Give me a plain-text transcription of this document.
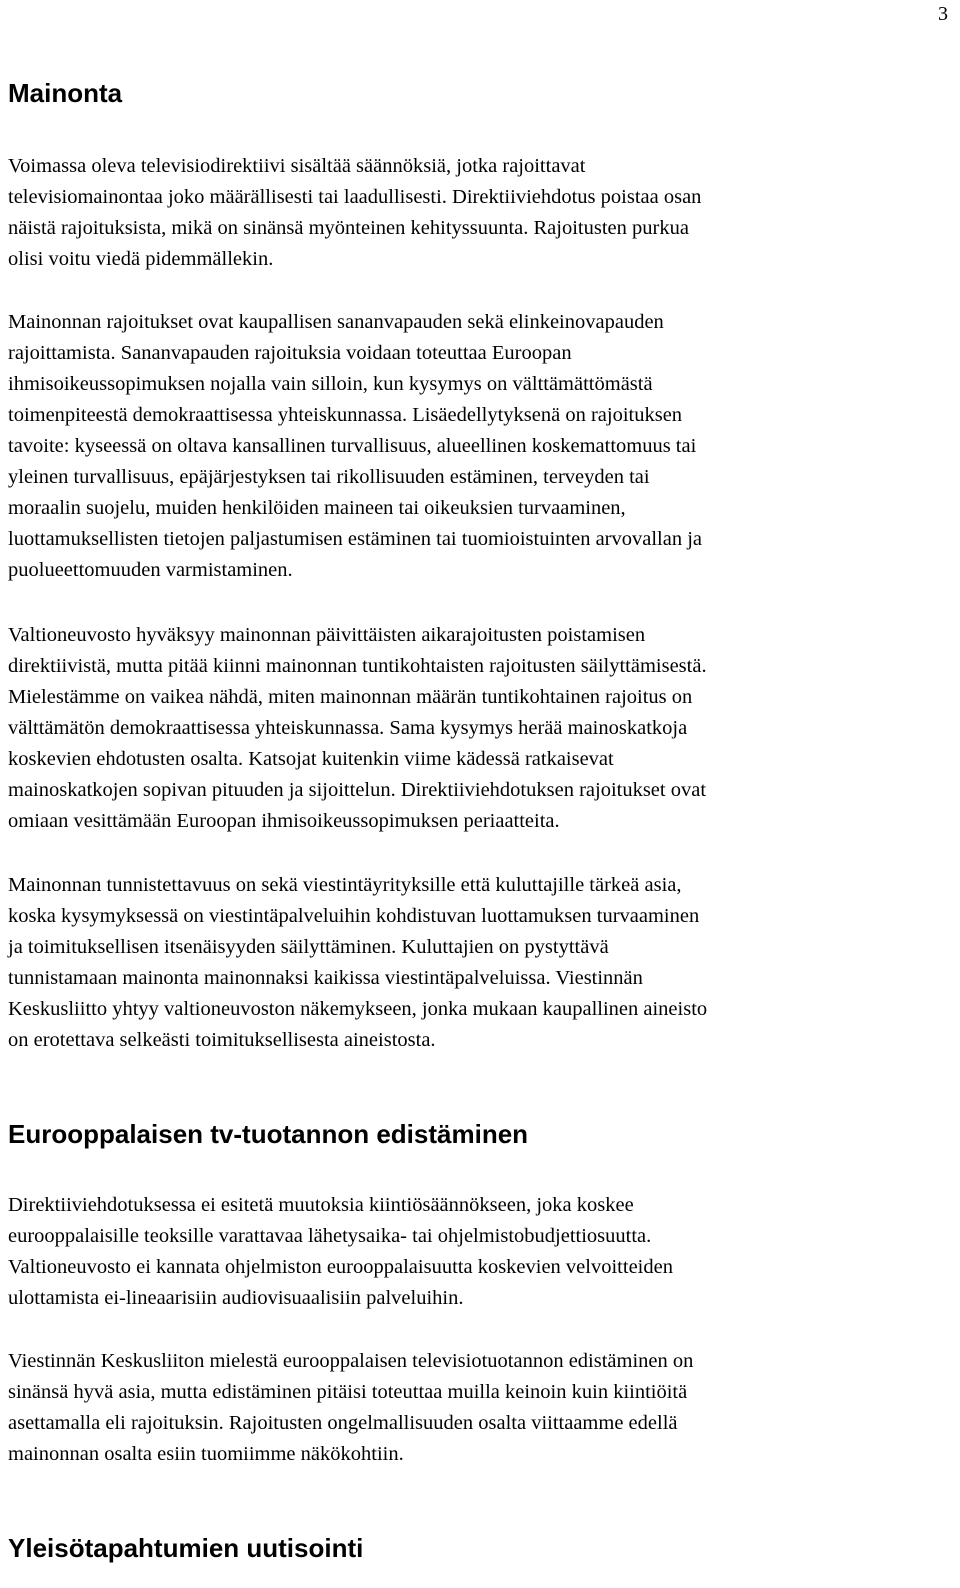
3
Mainonta
Voimassa oleva televisiodirektiivi sisältää säännöksiä, jotka rajoittavat
televisiomainontaa joko määrällisesti tai laadullisesti. Direktiiviehdotus poistaa osan
näistä rajoituksista, mikä on sinänsä myönteinen kehityssuunta. Rajoitusten purkua
olisi voitu viedä pidemmällekin.
Mainonnan rajoitukset ovat kaupallisen sananvapauden sekä elinkeinovapauden
rajoittamista. Sananvapauden rajoituksia voidaan toteuttaa Euroopan
ihmisoikeussopimuksen nojalla vain silloin, kun kysymys on välttämättömästä
toimenpiteestä demokraattisessa yhteiskunnassa. Lisäedellytyksenä on rajoituksen
tavoite: kyseessä on oltava kansallinen turvallisuus, alueellinen koskemattomuus tai
yleinen turvallisuus, epäjärjestyksen tai rikollisuuden estäminen, terveyden tai
moraalin suojelu, muiden henkilöiden maineen tai oikeuksien turvaaminen,
luottamuksellisten tietojen paljastumisen estäminen tai tuomioistuinten arvovallan ja
puolueettomuuden varmistaminen.
Valtioneuvosto hyväksyy mainonnan päivittäisten aikarajoitusten poistamisen
direktiivistä, mutta pitää kiinni mainonnan tuntikohtaisten rajoitusten säilyttämisestä.
Mielestämme on vaikea nähdä, miten mainonnan määrän tuntikohtainen rajoitus on
välttämätön demokraattisessa yhteiskunnassa. Sama kysymys herää mainoskatkoja
koskevien ehdotusten osalta. Katsojat kuitenkin viime kädessä ratkaisevat
mainoskatkojen sopivan pituuden ja sijoittelun. Direktiiviehdotuksen rajoitukset ovat
omiaan vesittämään Euroopan ihmisoikeussopimuksen periaatteita.
Mainonnan tunnistettavuus on sekä viestintäyrityksille että kuluttajille tärkeä asia,
koska kysymyksessä on viestintäpalveluihin kohdistuvan luottamuksen turvaaminen
ja toimituksellisen itsenäisyyden säilyttäminen. Kuluttajien on pystyttävä
tunnistamaan mainonta mainonnaksi kaikissa viestintäpalveluissa. Viestinnän
Keskusliitto yhtyy valtioneuvoston näkemykseen, jonka mukaan kaupallinen aineisto
on erotettava selkeästi toimituksellisesta aineistosta.
Eurooppalaisen tv-tuotannon edistäminen
Direktiiviehdotuksessa ei esitetä muutoksia kiintiösäännökseen, joka koskee
eurooppalaisille teoksille varattavaa lähetysaika- tai ohjelmistobudjettiosuutta.
Valtioneuvosto ei kannata ohjelmiston eurooppalaisuutta koskevien velvoitteiden
ulottamista ei-lineaarisiin audiovisuaalisiin palveluihin.
Viestinnän Keskusliiton mielestä eurooppalaisen televisiotuotannon edistäminen on
sinänsä hyvä asia, mutta edistäminen pitäisi toteuttaa muilla keinoin kuin kiintiöitä
asettamalla eli rajoituksin. Rajoitusten ongelmallisuuden osalta viittaamme edellä
mainonnan osalta esiin tuomiimme näkökohtiin.
Yleisötapahtumien uutisointi
